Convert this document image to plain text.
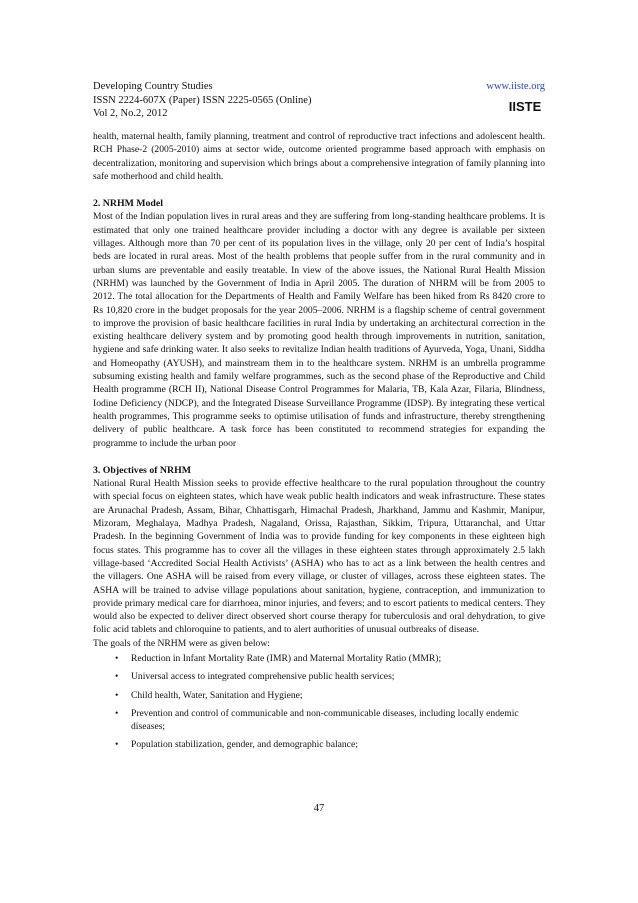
Developing Country Studies
ISSN 2224-607X (Paper) ISSN 2225-0565 (Online)
Vol 2, No.2, 2012
www.iiste.org
IISTE

health, maternal health, family planning, treatment and control of reproductive tract infections and adolescent health. RCH Phase-2 (2005-2010) aims at sector wide, outcome oriented programme based approach with emphasis on decentralization, monitoring and supervision which brings about a comprehensive integration of family planning into safe motherhood and child health.

2. NRHM Model

Most of the Indian population lives in rural areas and they are suffering from long-standing healthcare problems. It is estimated that only one trained healthcare provider including a doctor with any degree is available per sixteen villages. Although more than 70 per cent of its population lives in the village, only 20 per cent of India’s hospital beds are located in rural areas. Most of the health problems that people suffer from in the rural community and in urban slums are preventable and easily treatable. In view of the above issues, the National Rural Health Mission (NRHM) was launched by the Government of India in April 2005. The duration of NHRM will be from 2005 to 2012. The total allocation for the Departments of Health and Family Welfare has been hiked from Rs 8420 crore to Rs 10,820 crore in the budget proposals for the year 2005–2006. NRHM is a flagship scheme of central government to improve the provision of basic healthcare facilities in rural India by undertaking an architectural correction in the existing healthcare delivery system and by promoting good health through improvements in nutrition, sanitation, hygiene and safe drinking water. It also seeks to revitalize Indian health traditions of Ayurveda, Yoga, Unani, Siddha and Homeopathy (AYUSH), and mainstream them in to the healthcare system. NRHM is an umbrella programme subsuming existing health and family welfare programmes, such as the second phase of the Reproductive and Child Health programme (RCH II), National Disease Control Programmes for Malaria, TB, Kala Azar, Filaria, Blindness, Iodine Deficiency (NDCP), and the Integrated Disease Surveillance Programme (IDSP). By integrating these vertical health programmes, This programme seeks to optimise utilisation of funds and infrastructure, thereby strengthening delivery of public healthcare. A task force has been constituted to recommend strategies for expanding the programme to include the urban poor

3. Objectives of NRHM

National Rural Health Mission seeks to provide effective healthcare to the rural population throughout the country with special focus on eighteen states, which have weak public health indicators and weak infrastructure. These states are Arunachal Pradesh, Assam, Bihar, Chhattisgarh, Himachal Pradesh, Jharkhand, Jammu and Kashmir, Manipur, Mizoram, Meghalaya, Madhya Pradesh, Nagaland, Orissa, Rajasthan, Sikkim, Tripura, Uttaranchal, and Uttar Pradesh. In the beginning Government of India was to provide funding for key components in these eighteen high focus states. This programme has to cover all the villages in these eighteen states through approximately 2.5 lakh village-based ‘Accredited Social Health Activists’ (ASHA) who has to act as a link between the health centres and the villagers. One ASHA will be raised from every village, or cluster of villages, across these eighteen states. The ASHA will be trained to advise village populations about sanitation, hygiene, contraception, and immunization to provide primary medical care for diarrhoea, minor injuries, and fevers; and to escort patients to medical centers. They would also be expected to deliver direct observed short course therapy for tuberculosis and oral dehydration, to give folic acid tablets and chloroquine to patients, and to alert authorities of unusual outbreaks of disease.

The goals of the NRHM were as given below:

• Reduction in Infant Mortality Rate (IMR) and Maternal Mortality Ratio (MMR);
• Universal access to integrated comprehensive public health services;
• Child health, Water, Sanitation and Hygiene;
• Prevention and control of communicable and non-communicable diseases, including locally endemic diseases;
• Population stabilization, gender, and demographic balance;
47
